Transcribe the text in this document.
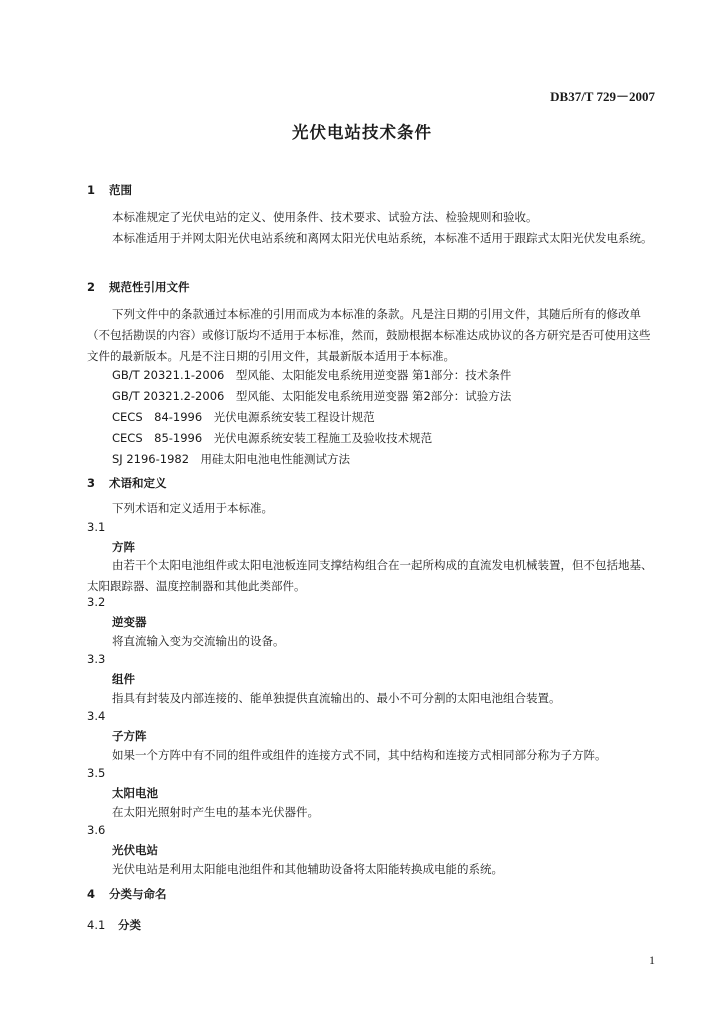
DB37/T 729－2007
光伏电站技术条件
1 范围

本标准规定了光伏电站的定义、使用条件、技术要求、试验方法、检验规则和验收。

本标准适用于并网太阳光伏电站系统和离网太阳光伏电站系统，本标准不适用于跟踪式太阳光伏发电系统。

2 规范性引用文件

下列文件中的条款通过本标准的引用而成为本标准的条款。凡是注日期的引用文件，其随后所有的修改单（不包括勘误的内容）或修订版均不适用于本标准，然而，鼓励根据本标准达成协议的各方研究是否可使用这些文件的最新版本。凡是不注日期的引用文件，其最新版本适用于本标准。

GB/T 20321.1-2006　型风能、太阳能发电系统用逆变器 第1部分：技术条件
GB/T 20321.2-2006　型风能、太阳能发电系统用逆变器 第2部分：试验方法
CECS　84-1996　光伏电源系统安装工程设计规范
CECS　85-1996　光伏电源系统安装工程施工及验收技术规范
SJ 2196-1982　用硅太阳电池电性能测试方法
3 术语和定义
下列术语和定义适用于本标准。
3.1
方阵

由若干个太阳电池组件或太阳电池板连同支撑结构组合在一起所构成的直流发电机械装置，但不包括地基、太阳跟踪器、温度控制器和其他此类部件。

3.2
逆变器
将直流输入变为交流输出的设备。
3.3
组件
指具有封装及内部连接的、能单独提供直流输出的、最小不可分割的太阳电池组合装置。
3.4
子方阵
如果一个方阵中有不同的组件或组件的连接方式不同，其中结构和连接方式相同部分称为子方阵。
3.5
太阳电池
在太阳光照射时产生电的基本光伏器件。
3.6
光伏电站
光伏电站是利用太阳能电池组件和其他辅助设备将太阳能转换成电能的系统。
4 分类与命名
4.1 分类
1
